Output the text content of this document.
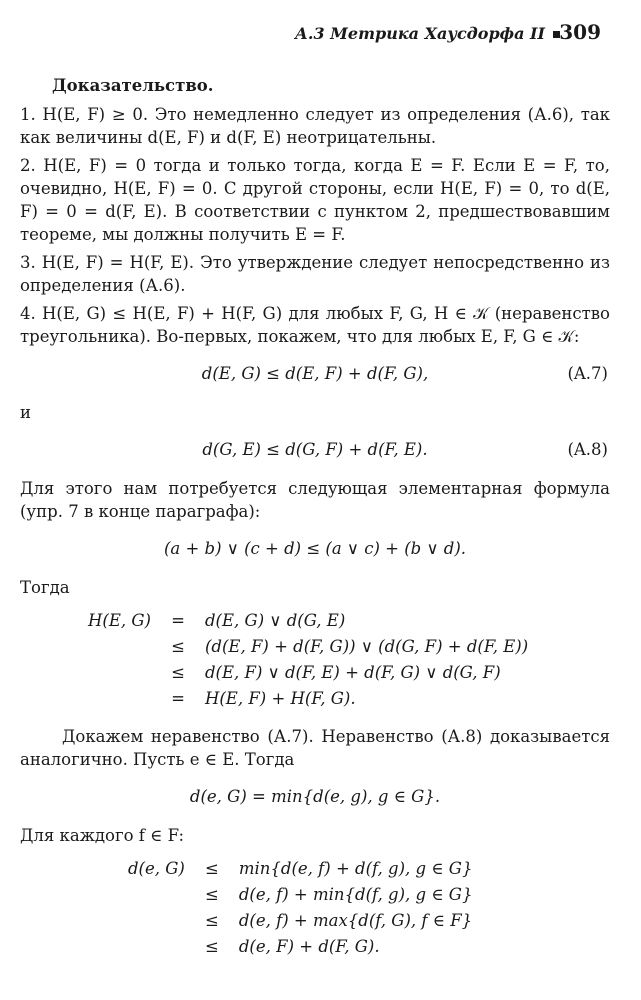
А.3 Метрика Хаусдорфа II 309

Доказательство.

1. H(E, F) ≥ 0. Это немедленно следует из определения (А.6), так как величины d(E, F) и d(F, E) неотрицательны.

2. H(E, F) = 0 тогда и только тогда, когда E = F. Если E = F, то, очевидно, H(E, F) = 0. С другой стороны, если H(E, F) = 0, то d(E, F) = 0 = d(F, E). В соответствии с пунктом 2, предшествовавшим теореме, мы должны получить E = F.

3. H(E, F) = H(F, E). Это утверждение следует непосредственно из определения (А.6).

4. H(E, G) ≤ H(E, F) + H(F, G) для любых F, G, H ∈ 𝒦 (неравенство треугольника). Во-первых, покажем, что для любых E, F, G ∈ 𝒦:

d(E, G) ≤ d(E, F) + d(F, G),	(A.7)

и

d(G, E) ≤ d(G, F) + d(F, E).	(A.8)

Для этого нам потребуется следующая элементарная формула (упр. 7 в конце параграфа):

(a + b) ∨ (c + d) ≤ (a ∨ c) + (b ∨ d).

Тогда

H(E, G)	=	d(E, G) ∨ d(G, E)
	≤	(d(E, F) + d(F, G)) ∨ (d(G, F) + d(F, E))
	≤	d(E, F) ∨ d(F, E) + d(F, G) ∨ d(G, F)
	=	H(E, F) + H(F, G).

Докажем неравенство (А.7). Неравенство (А.8) доказывается аналогично. Пусть e ∈ E. Тогда

d(e, G) = min{d(e, g), g ∈ G}.

Для каждого f ∈ F:

d(e, G)	≤	min{d(e, f) + d(f, g), g ∈ G}
	≤	d(e, f) + min{d(f, g), g ∈ G}
	≤	d(e, f) + max{d(f, G), f ∈ F}
	≤	d(e, F) + d(F, G).
